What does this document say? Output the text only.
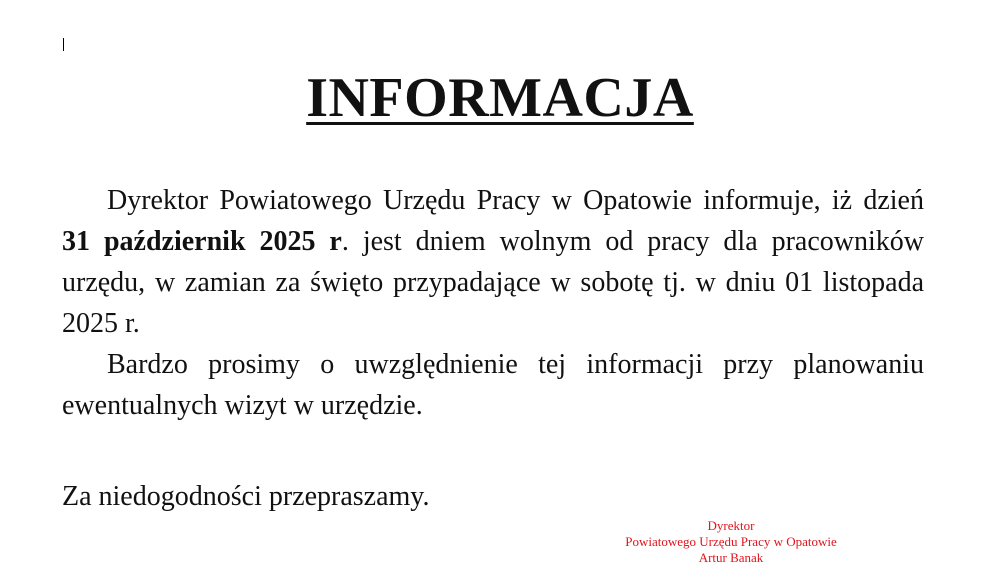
INFORMACJA

Dyrektor Powiatowego Urzędu Pracy w Opatowie informuje, iż dzień 31 październik 2025 r. jest dniem wolnym od pracy dla pracowników urzędu, w zamian za święto przypadające w sobotę tj. w dniu 01 listopada 2025 r.

Bardzo prosimy o uwzględnienie tej informacji przy planowaniu ewentualnych wizyt w urzędzie.

Za niedogodności przepraszamy.

Dyrektor
Powiatowego Urzędu Pracy w Opatowie
Artur Banak
